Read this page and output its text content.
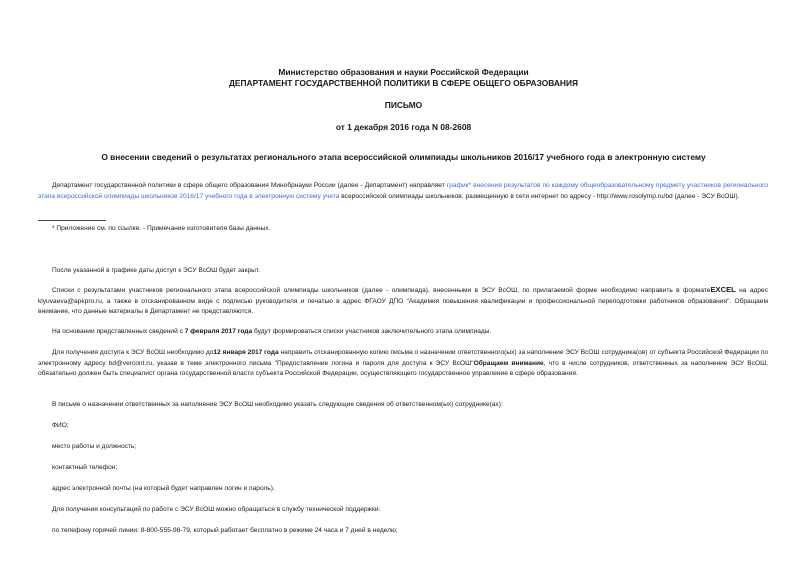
Министерство образования и науки Российской Федерации
ДЕПАРТАМЕНТ ГОСУДАРСТВЕННОЙ ПОЛИТИКИ В СФЕРЕ ОБЩЕГО ОБРАЗОВАНИЯ
ПИСЬМО
от 1 декабря 2016 года N 08-2608
О внесении сведений о результатах регионального этапа всероссийской олимпиады школьников 2016/17 учебного года в электронную систему
Департамент государственной политики в сфере общего образования Минобрнауки России (далее - Департамент) направляет график* внесения результатов по каждому общеобразовательному предмету участников регионального этапа всероссийской олимпиады школьников 2016/17 учебного года в электронную систему учета всероссийской олимпиады школьников, размещенную в сети интернет по адресу - http://www.rosolymp.ru/bd (далее - ЭСУ ВсОШ).
* Приложение см. по ссылке. - Примечание изготовителя базы данных.
После указанной в графике даты доступ к ЭСУ ВсОШ будет закрыт.
Списки с результатами участников регионального этапа всероссийской олимпиады школьников (далее - олимпиада), внесенными в ЭСУ ВсОШ, по прилагаемой форме необходимо направить в форматеEXCEL на адрес klyuvaeva@apkpro.ru, а также в отсканированном виде с подписью руководителя и печатью в адрес ФГАОУ ДПО "Академия повышения квалификации и профессиональной переподготовки работников образования". Обращаем внимание, что данные материалы в Департамент не представляются.
На основании представленных сведений с 7 февраля 2017 года будут формироваться списки участников заключительного этапа олимпиады.
Для получения доступа к ЭСУ ВсОШ необходимо до12 января 2017 года направить отсканированную копию письма о назначении ответственного(ых) за наполнение ЭСУ ВсОШ сотрудника(ов) от субъекта Российской Федерации по электронному адресу bd@vercont.ru, указав в теме электронного письма "Предоставление логина и пароля для доступа к ЭСУ ВсОШ"Обращаем внимание, что в числе сотрудников, ответственных за наполнение ЭСУ ВсОШ, обязательно должен быть специалист органа государственной власти субъекта Российской Федерации, осуществляющего государственное управление в сфере образования.
В письме о назначении ответственных за наполнение ЭСУ ВсОШ необходимо указать следующие сведения об ответственном(ых) сотруднике(ах):
ФИО;
место работы и должность;
контактный телефон;
адрес электронной почты (на который будет направлен логин и пароль).
Для получения консультаций по работе с ЭСУ ВсОШ можно обращаться в службу технической поддержки:
по телефону горячей линии: 8-800-555-98-79, который работает бесплатно в режиме 24 часа и 7 дней в неделю;
